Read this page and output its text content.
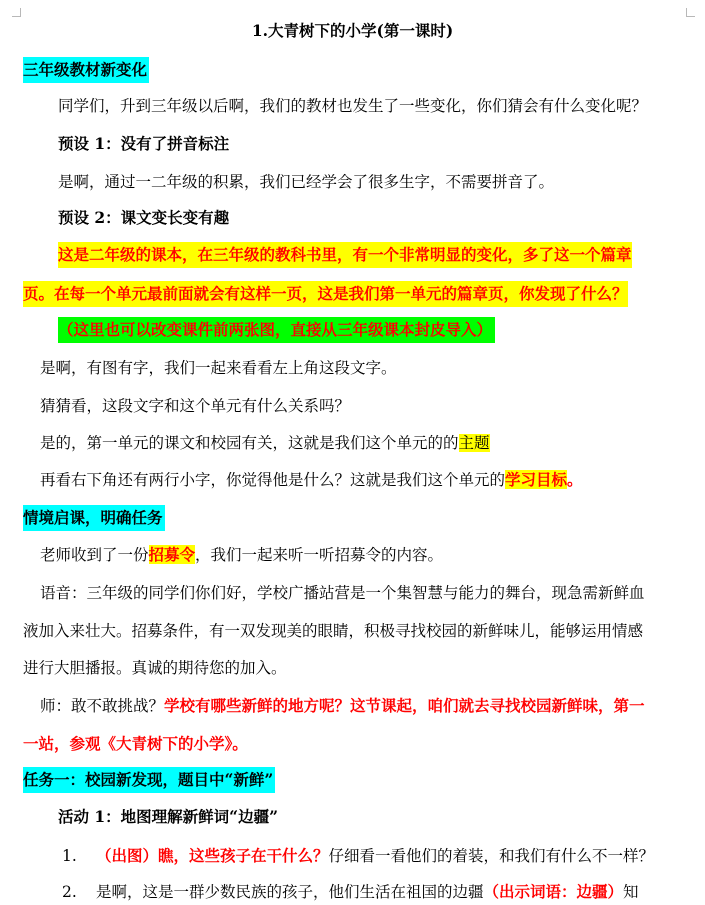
1.大青树下的小学(第一课时)
三年级教材新变化
同学们，升到三年级以后啊，我们的教材也发生了一些变化，你们猜会有什么变化呢？
预设 1：没有了拼音标注
是啊，通过一二年级的积累，我们已经学会了很多生字，不需要拼音了。
预设 2：课文变长变有趣
这是二年级的课本，在三年级的教科书里，有一个非常明显的变化，多了这一个篇章
页。在每一个单元最前面就会有这样一页，这是我们第一单元的篇章页，你发现了什么？
（这里也可以改变课件前两张图，直接从三年级课本封皮导入）
是啊，有图有字，我们一起来看看左上角这段文字。
猜猜看，这段文字和这个单元有什么关系吗？
是的，第一单元的课文和校园有关，这就是我们这个单元的的主题
再看右下角还有两行小字，你觉得他是什么？这就是我们这个单元的学习目标。
情境启课，明确任务
老师收到了一份招募令，我们一起来听一听招募令的内容。
语音：三年级的同学们你们好，学校广播站营是一个集智慧与能力的舞台，现急需新鲜血
液加入来壮大。招募条件，有一双发现美的眼睛，积极寻找校园的新鲜味儿，能够运用情感
进行大胆播报。真诚的期待您的加入。
师：敢不敢挑战？学校有哪些新鲜的地方呢？这节课起，咱们就去寻找校园新鲜味，第一
一站，参观《大青树下的小学》。
任务一：校园新发现，题目中“新鲜”
活动 1：地图理解新鲜词“边疆”
1. （出图）瞧，这些孩子在干什么？仔细看一看他们的着装，和我们有什么不一样？
2. 是啊，这是一群少数民族的孩子，他们生活在祖国的边疆（出示词语：边疆）知
